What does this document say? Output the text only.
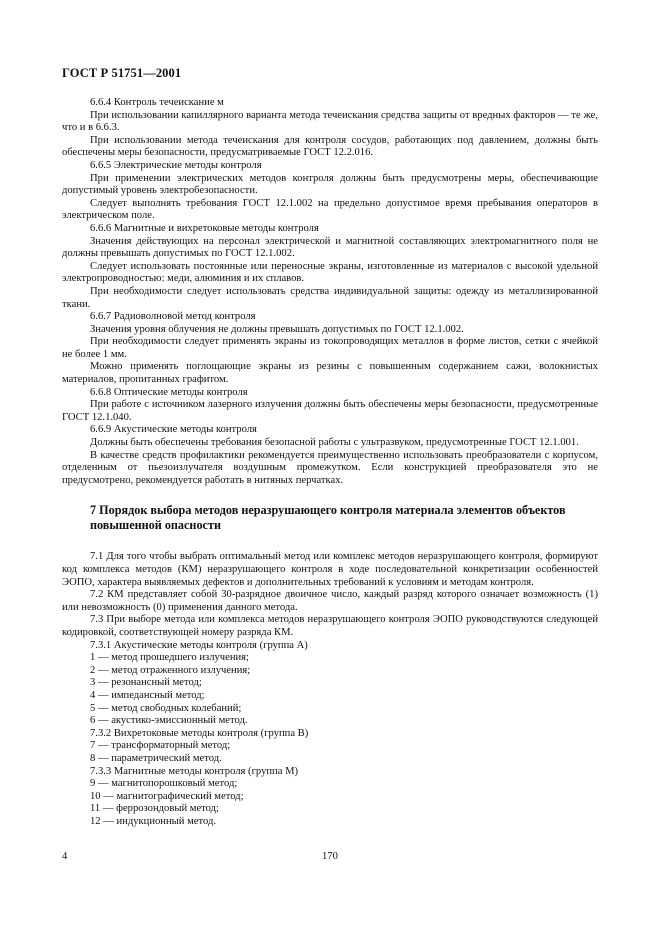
ГОСТ Р 51751—2001

6.6.4 Контроль течеискание м

При использовании капиллярного варианта метода течеискания средства защиты от вредных факторов — те же, что и в 6.6.3.

При использовании метода течеискания для контроля сосудов, работающих под давлением, должны быть обеспечены меры безопасности, предусматриваемые ГОСТ 12.2.016.

6.6.5 Электрические методы контроля

При применении электрических методов контроля должны быть предусмотрены меры, обеспечивающие допустимый уровень электробезопасности.

Следует выполнять требования ГОСТ 12.1.002 на предельно допустимое время пребывания операторов в электрическом поле.

6.6.6 Магнитные и вихретоковые методы контроля

Значения действующих на персонал электрической и магнитной составляющих электромагнитного поля не должны превышать допустимых по ГОСТ 12.1.002.

Следует использовать постоянные или переносные экраны, изготовленные из материалов с высокой удельной электропроводностью: меди, алюминия и их сплавов.

При необходимости следует использовать средства индивидуальной защиты: одежду из металлизированной ткани.

6.6.7 Радиоволновой метод контроля

Значения уровня облучения не должны превышать допустимых по ГОСТ 12.1.002.

При необходимости следует применять экраны из токопроводящих металлов в форме листов, сетки с ячейкой не более 1 мм.

Можно применять поглощающие экраны из резины с повышенным содержанием сажи, волокнистых материалов, пропитанных графитом.

6.6.8 Оптические методы контроля

При работе с источником лазерного излучения должны быть обеспечены меры безопасности, предусмотренные ГОСТ 12.1.040.

6.6.9 Акустические методы контроля

Должны быть обеспечены требования безопасной работы с ультразвуком, предусмотренные ГОСТ 12.1.001.

В качестве средств профилактики рекомендуется преимущественно использовать преобразователи с корпусом, отделенным от пьезоизлучателя воздушным промежутком. Если конструкцией преобразователя это не предусмотрено, рекомендуется работать в нитяных перчатках.

7 Порядок выбора методов неразрушающего контроля материала элементов объектов повышенной опасности

7.1 Для того чтобы выбрать оптимальный метод или комплекс методов неразрушающего контроля, формируют код комплекса методов (КМ) неразрушающего контроля в ходе последовательной конкретизации особенностей ЭОПО, характера выявляемых дефектов и дополнительных требований к условиям и методам контроля.

7.2 КМ представляет собой 30-разрядное двоичное число, каждый разряд которого означает возможность (1) или невозможность (0) применения данного метода.

7.3 При выборе метода или комплекса методов неразрушающего контроля ЭОПО руководствуются следующей кодировкой, соответствующей номеру разряда КМ.

7.3.1 Акустические методы контроля (группа А)

1 — метод прошедшего излучения;

2 — метод отраженного излучения;

3 — резонансный метод;

4 — импедансный метод;

5 — метод свободных колебаний;

6 — акустико-эмиссионный метод.

7.3.2 Вихретоковые методы контроля (группа В)

7 — трансформаторный метод;

8 — параметрический метод.

7.3.3 Магнитные методы контроля (группа М)

9 — магнитопорошковый метод;

10 — магнитографический метод;

11 — феррозондовый метод;

12 — индукционный метод.

4	170
